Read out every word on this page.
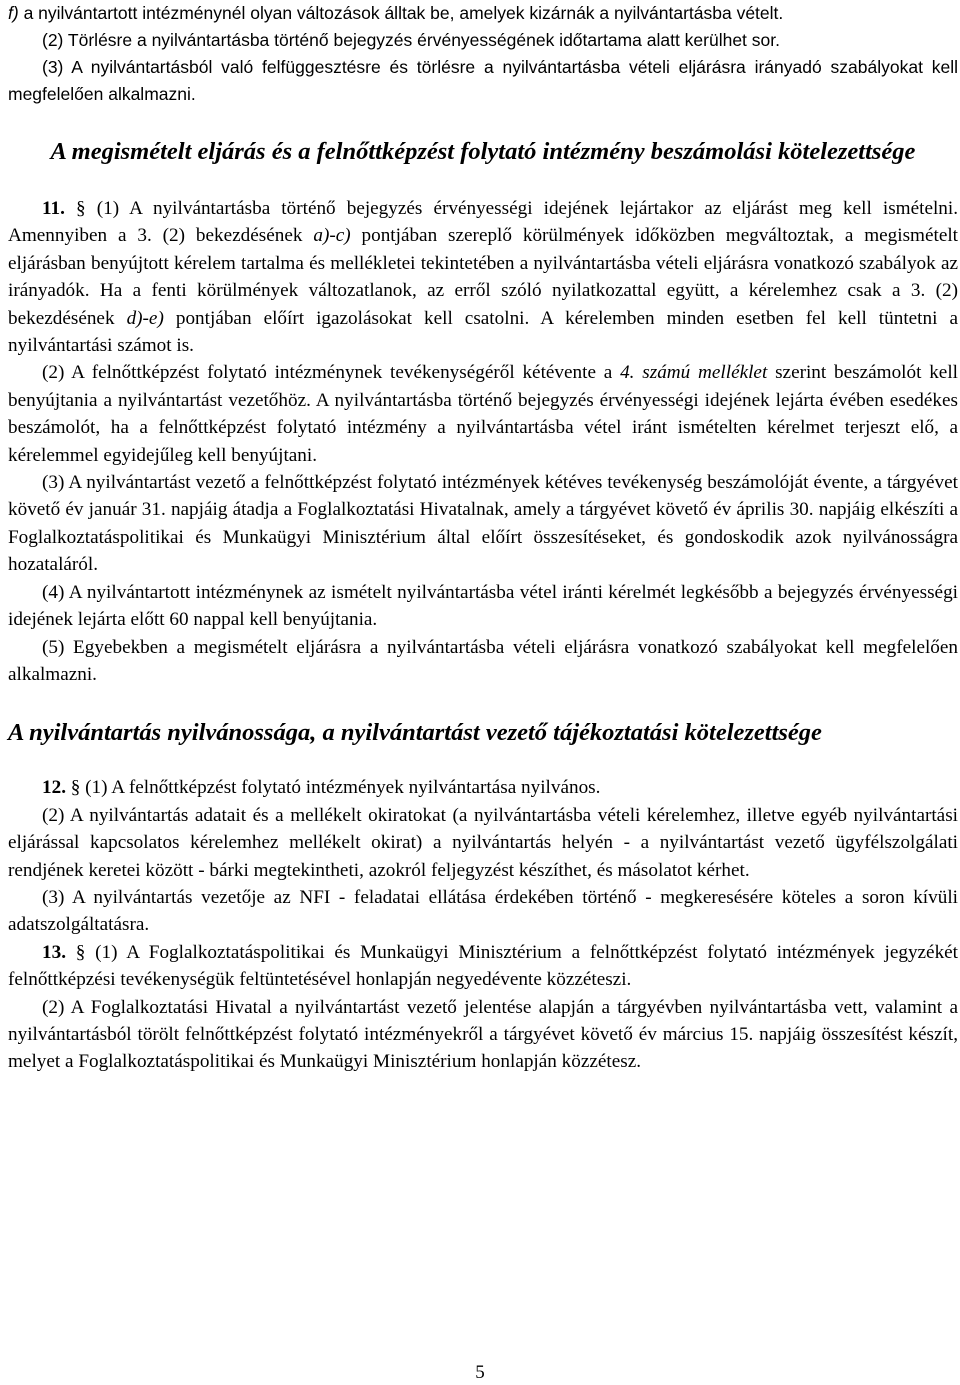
f) a nyilvántartott intézménynél olyan változások álltak be, amelyek kizárnák a nyilvántartásba vételt.

(2) Törlésre a nyilvántartásba történő bejegyzés érvényességének időtartama alatt kerülhet sor.

(3) A nyilvántartásból való felfüggesztésre és törlésre a nyilvántartásba vételi eljárásra irányadó szabályokat kell megfelelően alkalmazni.

A megismételt eljárás és a felnőttképzést folytató intézmény beszámolási kötelezettsége

11. § (1) A nyilvántartásba történő bejegyzés érvényességi idejének lejártakor az eljárást meg kell ismételni. Amennyiben a 3. (2) bekezdésének a)-c) pontjában szereplő körülmények időközben megváltoztak, a megismételt eljárásban benyújtott kérelem tartalma és mellékletei tekintetében a nyilvántartásba vételi eljárásra vonatkozó szabályok az irányadók. Ha a fenti körülmények változatlanok, az erről szóló nyilatkozattal együtt, a kérelemhez csak a 3. (2) bekezdésének d)-e) pontjában előírt igazolásokat kell csatolni. A kérelemben minden esetben fel kell tüntetni a nyilvántartási számot is.

(2) A felnőttképzést folytató intézménynek tevékenységéről kétévente a 4. számú melléklet szerint beszámolót kell benyújtania a nyilvántartást vezetőhöz. A nyilvántartásba történő bejegyzés érvényességi idejének lejárta évében esedékes beszámolót, ha a felnőttképzést folytató intézmény a nyilvántartásba vétel iránt ismételten kérelmet terjeszt elő, a kérelemmel egyidejűleg kell benyújtani.

(3) A nyilvántartást vezető a felnőttképzést folytató intézmények kétéves tevékenység beszámolóját évente, a tárgyévet követő év január 31. napjáig átadja a Foglalkoztatási Hivatalnak, amely a tárgyévet követő év április 30. napjáig elkészíti a Foglalkoztatáspolitikai és Munkaügyi Minisztérium által előírt összesítéseket, és gondoskodik azok nyilvánosságra hozataláról.

(4) A nyilvántartott intézménynek az ismételt nyilvántartásba vétel iránti kérelmét legkésőbb a bejegyzés érvényességi idejének lejárta előtt 60 nappal kell benyújtania.

(5) Egyebekben a megismételt eljárásra a nyilvántartásba vételi eljárásra vonatkozó szabályokat kell megfelelően alkalmazni.

A nyilvántartás nyilvánossága, a nyilvántartást vezető tájékoztatási kötelezettsége

12. § (1) A felnőttképzést folytató intézmények nyilvántartása nyilvános.

(2) A nyilvántartás adatait és a mellékelt okiratokat (a nyilvántartásba vételi kérelemhez, illetve egyéb nyilvántartási eljárással kapcsolatos kérelemhez mellékelt okirat) a nyilvántartás helyén - a nyilvántartást vezető ügyfélszolgálati rendjének keretei között - bárki megtekintheti, azokról feljegyzést készíthet, és másolatot kérhet.

(3) A nyilvántartás vezetője az NFI - feladatai ellátása érdekében történő - megkeresésére köteles a soron kívüli adatszolgáltatásra.

13. § (1) A Foglalkoztatáspolitikai és Munkaügyi Minisztérium a felnőttképzést folytató intézmények jegyzékét felnőttképzési tevékenységük feltüntetésével honlapján negyedévente közzéteszi.

(2) A Foglalkoztatási Hivatal a nyilvántartást vezető jelentése alapján a tárgyévben nyilvántartásba vett, valamint a nyilvántartásból törölt felnőttképzést folytató intézményekről a tárgyévet követő év március 15. napjáig összesítést készít, melyet a Foglalkoztatáspolitikai és Munkaügyi Minisztérium honlapján közzétesz.

5
